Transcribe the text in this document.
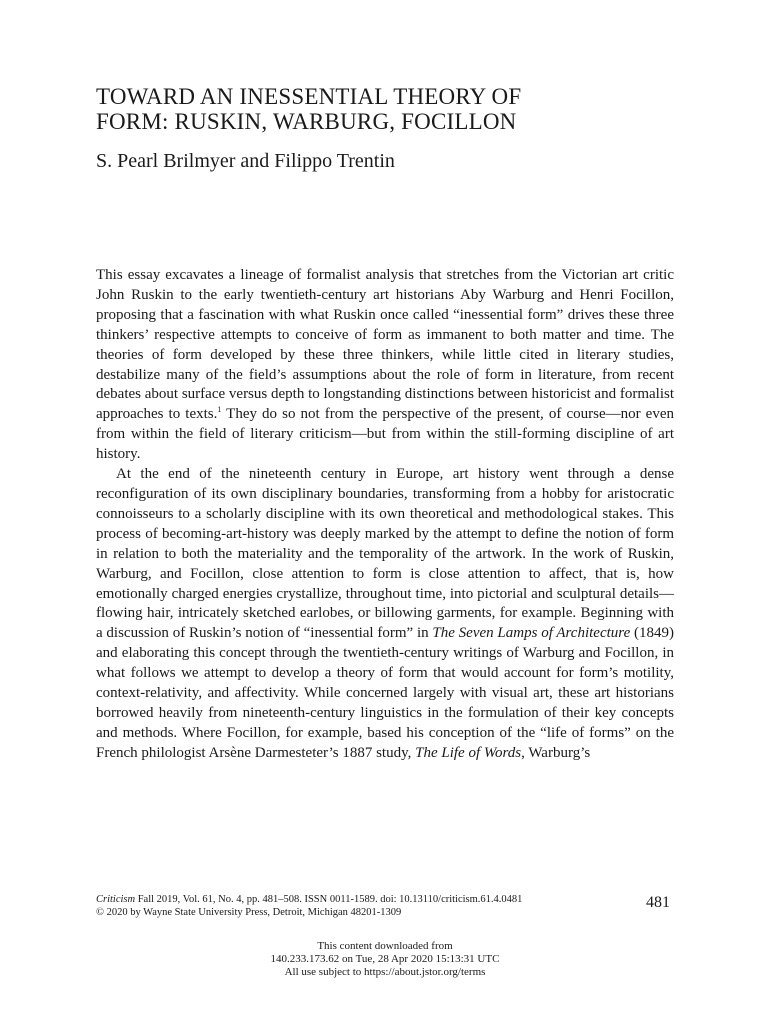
TOWARD AN INESSENTIAL THEORY OF
FORM: RUSKIN, WARBURG, FOCILLON
S. Pearl Brilmyer and Filippo Trentin

This essay excavates a lineage of formalist analysis that stretches from the Victorian art critic John Ruskin to the early twentieth-century art historians Aby Warburg and Henri Focillon, proposing that a fascination with what Ruskin once called “inessential form” drives these three thinkers’ respective attempts to conceive of form as immanent to both matter and time. The theories of form developed by these three thinkers, while little cited in literary studies, destabilize many of the field’s assumptions about the role of form in literature, from recent debates about surface versus depth to longstanding distinctions between historicist and formalist approaches to texts.$^1$ They do so not from the perspective of the present, of course—nor even from within the field of literary criticism—but from within the still-forming discipline of art history.

At the end of the nineteenth century in Europe, art history went through a dense reconfiguration of its own disciplinary boundaries, transforming from a hobby for aristocratic connoisseurs to a scholarly discipline with its own theoretical and methodological stakes. This process of becoming-art-history was deeply marked by the attempt to define the notion of form in relation to both the materiality and the temporality of the artwork. In the work of Ruskin, Warburg, and Focillon, close attention to form is close attention to affect, that is, how emotionally charged energies crystallize, throughout time, into pictorial and sculptural details—flowing hair, intricately sketched earlobes, or billowing garments, for example. Beginning with a discussion of Ruskin’s notion of “inessential form” in The Seven Lamps of Architecture (1849) and elaborating this concept through the twentieth-century writings of Warburg and Focillon, in what follows we attempt to develop a theory of form that would account for form’s motility, context-relativity, and affectivity. While concerned largely with visual art, these art historians borrowed heavily from nineteenth-century linguistics in the formulation of their key concepts and methods. Where Focillon, for example, based his conception of the “life of forms” on the French philologist Arsène Darmesteter’s 1887 study, The Life of Words, Warburg’s

Criticism Fall 2019, Vol. 61, No. 4, pp. 481–508. ISSN 0011-1589. doi: 10.13110/criticism.61.4.0481
© 2020 by Wayne State University Press, Detroit, Michigan 48201-1309
481
This content downloaded from
140.233.173.62 on Tue, 28 Apr 2020 15:13:31 UTC
All use subject to https://about.jstor.org/terms
